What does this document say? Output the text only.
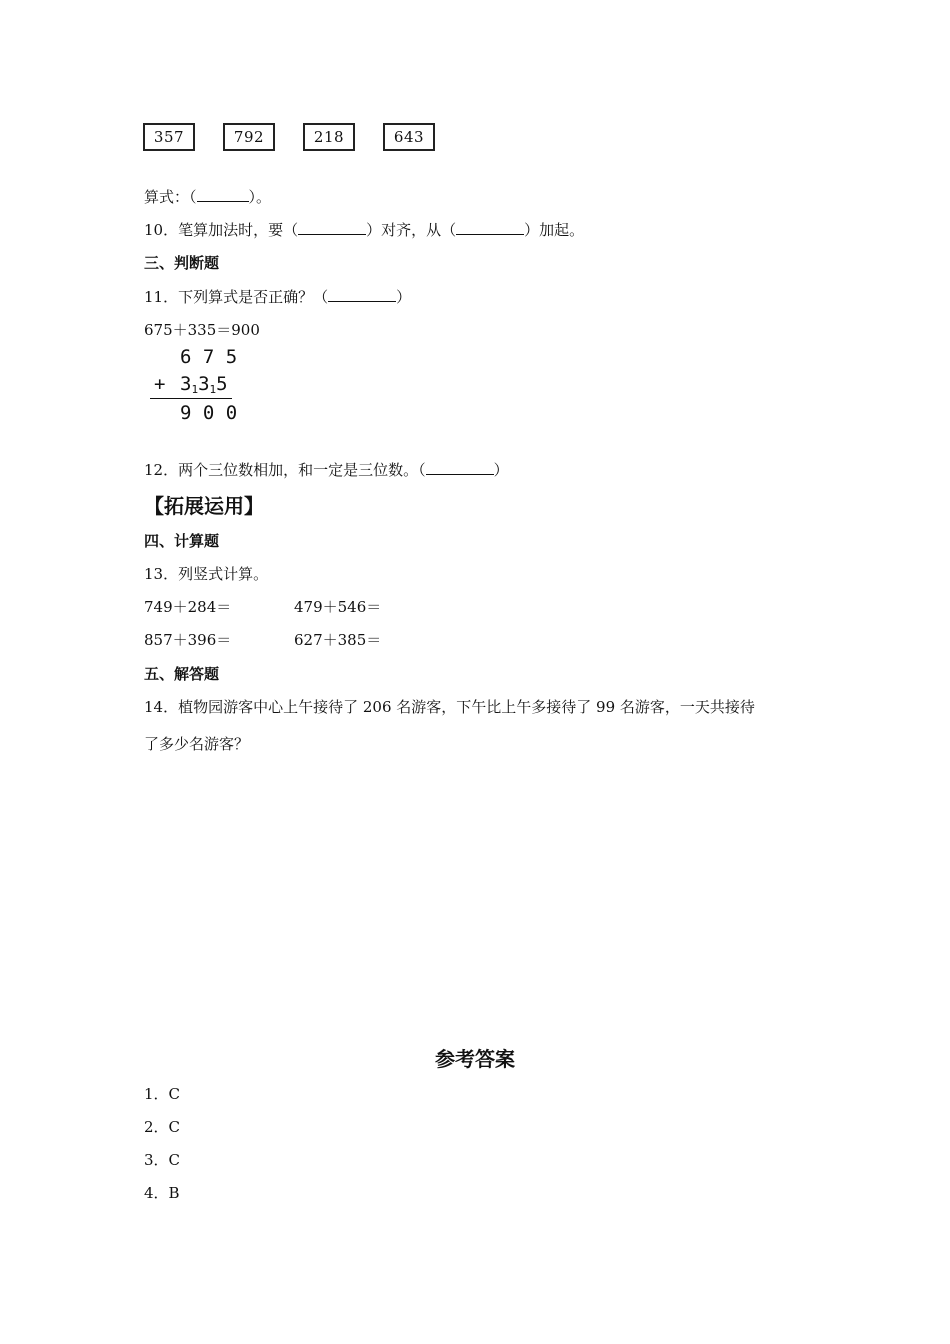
357	792	218	643
算式：（	）。
10．笔算加法时，要（	）对齐，从（	）加起。
三、判断题
11．下列算式是否正确？（	）
675＋335＝900
6 7 5
+ $3_13_15$
9 0 0
12．两个三位数相加，和一定是三位数。（	）
【拓展运用】
四、计算题
13．列竖式计算。
749＋284＝	479＋546＝
857＋396＝	627＋385＝
五、解答题
14．植物园游客中心上午接待了 206 名游客，下午比上午多接待了 99 名游客，一天共接待
了多少名游客？
参考答案
1．C
2．C
3．C
4．B
